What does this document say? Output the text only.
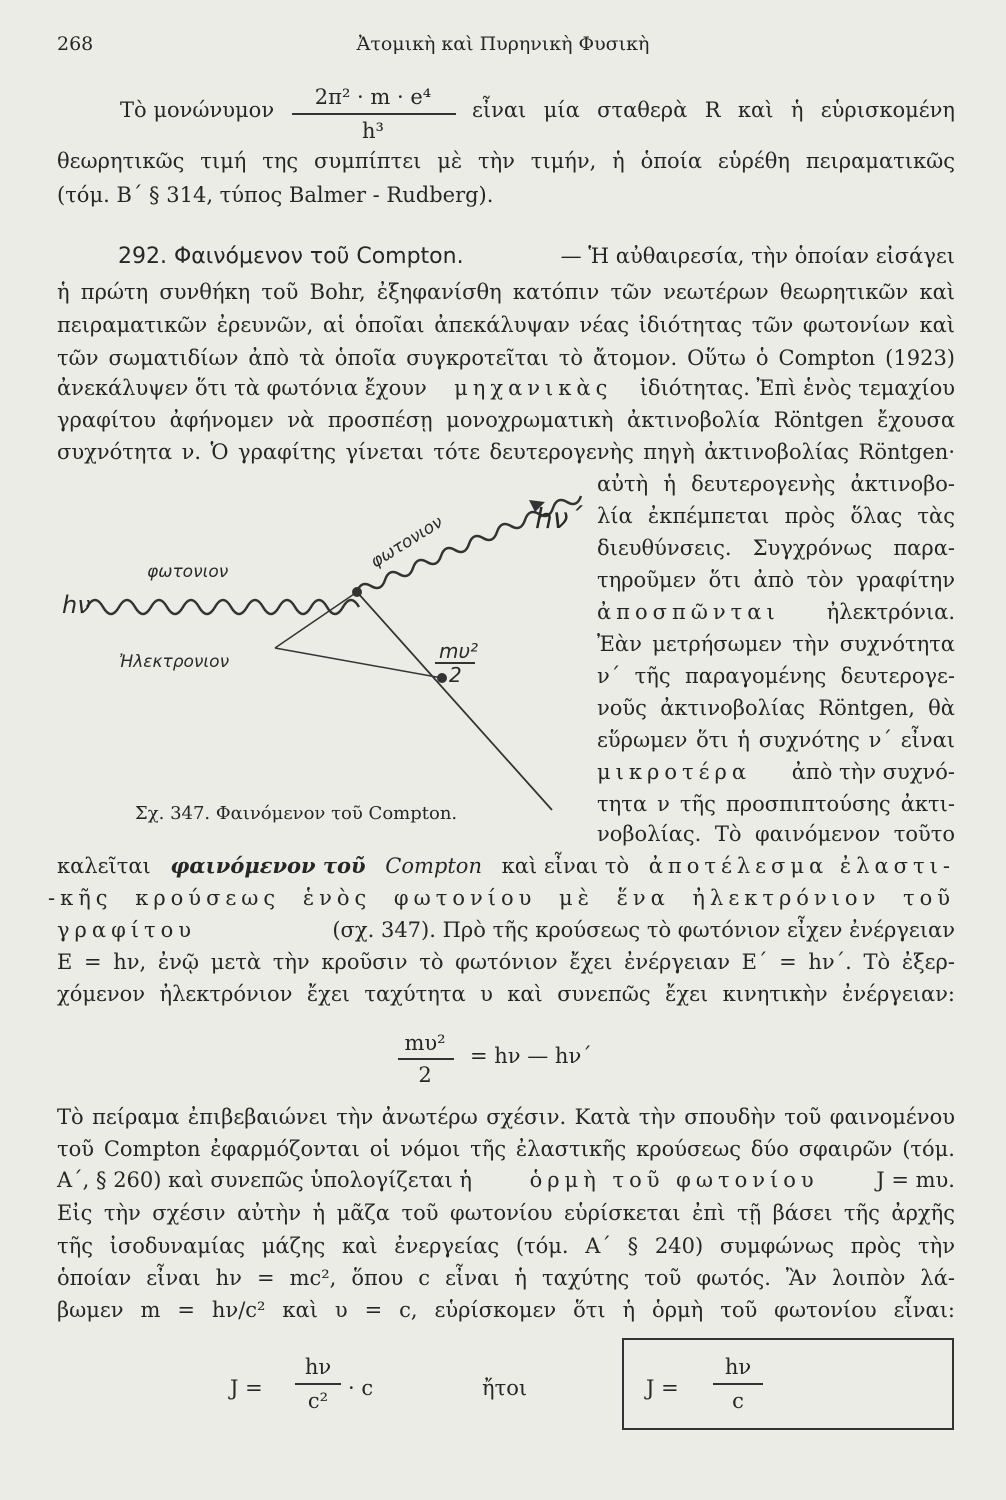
268	Ἀτομικὴ καὶ Πυρηνικὴ Φυσικὴ
Τὸ μονώνυμον
2π² · m · e⁴
h³
εἶναι μία σταθερὰ R καὶ ἡ εὑρισκομένη
θεωρητικῶς τιμή της συμπίπτει μὲ τὴν τιμήν, ἡ ὁποία εὑρέθη πειραματικῶς
(τόμ. Β΄ § 314, τύπος Balmer - Rudberg).
292. Φαινόμενον τοῦ Compton.	— Ἡ αὐθαιρεσία, τὴν ὁποίαν εἰσάγει
ἡ πρώτη συνθήκη τοῦ Bohr, ἐξηφανίσθη κατόπιν τῶν νεωτέρων θεωρητικῶν καὶ
πειραματικῶν ἐρευνῶν, αἱ ὁποῖαι ἀπεκάλυψαν νέας ἰδιότητας τῶν φωτονίων καὶ
τῶν σωματιδίων ἀπὸ τὰ ὁποῖα συγκροτεῖται τὸ ἄτομον. Οὕτω ὁ Compton (1923)
ἀνεκάλυψεν ὅτι τὰ φωτόνια ἔχουν μηχανικὰς ἰδιότητας. Ἐπὶ ἑνὸς τεμαχίου
γραφίτου ἀφήνομεν νὰ προσπέσῃ μονοχρωματικὴ ἀκτινοβολία Röntgen ἔχουσα
συχνότητα ν. Ὁ γραφίτης γίνεται τότε δευτερογενὴς πηγὴ ἀκτινοβολίας Röntgen·
αὐτὴ ἡ δευτερογενὴς ἀκτινοβο-
λία ἐκπέμπεται πρὸς ὅλας τὰς
διευθύνσεις. Συγχρόνως παρα-
τηροῦμεν ὅτι ἀπὸ τὸν γραφίτην
ἀποσπῶνται ἠλεκτρόνια.
Ἐὰν μετρήσωμεν τὴν συχνότητα
ν΄ τῆς παραγομένης δευτερογε-
νοῦς ἀκτινοβολίας Röntgen, θὰ
εὕρωμεν ὅτι ἡ συχνότης ν΄ εἶναι
μικροτέρα ἀπὸ τὴν συχνό-
τητα ν τῆς προσπιπτούσης ἀκτι-
νοβολίας. Τὸ φαινόμενον τοῦτο
hν
φωτονιον	φωτονιον	hν΄
Ἠλεκτρονιον	mυ²
2
Σχ. 347. Φαινόμενον τοῦ Compton.
καλεῖται φαινόμενον τοῦ Compton καὶ εἶναι τὸ ἀποτέλεσμα ἐλαστι-
-κῆς κρούσεως ἑνὸς φωτονίου μὲ ἕνα ἠλεκτρόνιον τοῦ
γραφίτου	(σχ. 347). Πρὸ τῆς κρούσεως τὸ φωτόνιον εἶχεν ἐνέργειαν
E = hν, ἐνῷ μετὰ τὴν κροῦσιν τὸ φωτόνιον ἔχει ἐνέργειαν E΄ = hν΄. Τὸ ἐξερ-
χόμενον ἠλεκτρόνιον ἔχει ταχύτητα υ καὶ συνεπῶς ἔχει κινητικὴν ἐνέργειαν:
mυ²
2
= hν — hν΄
Τὸ πείραμα ἐπιβεβαιώνει τὴν ἀνωτέρω σχέσιν. Κατὰ τὴν σπουδὴν τοῦ φαινομένου
τοῦ Compton ἐφαρμόζονται οἱ νόμοι τῆς ἐλαστικῆς κρούσεως δύο σφαιρῶν (τόμ.
Α΄, § 260) καὶ συνεπῶς ὑπολογίζεται ἡ	ὁρμὴ τοῦ φωτονίου	J = mυ.
Εἰς τὴν σχέσιν αὐτὴν ἡ μᾶζα τοῦ φωτονίου εὑρίσκεται ἐπὶ τῇ βάσει τῆς ἀρχῆς
τῆς ἰσοδυναμίας μάζης καὶ ἐνεργείας (τόμ. Α΄ § 240) συμφώνως πρὸς τὴν
ὁποίαν εἶναι hν = mc², ὅπου c εἶναι ἡ ταχύτης τοῦ φωτός. Ἂν λοιπὸν λά-
βωμεν m = hν/c² καὶ υ = c, εὑρίσκομεν ὅτι ἡ ὁρμὴ τοῦ φωτονίου εἶναι:
J =
hν
c²
· c	ἤτοι	J =
hν
c
